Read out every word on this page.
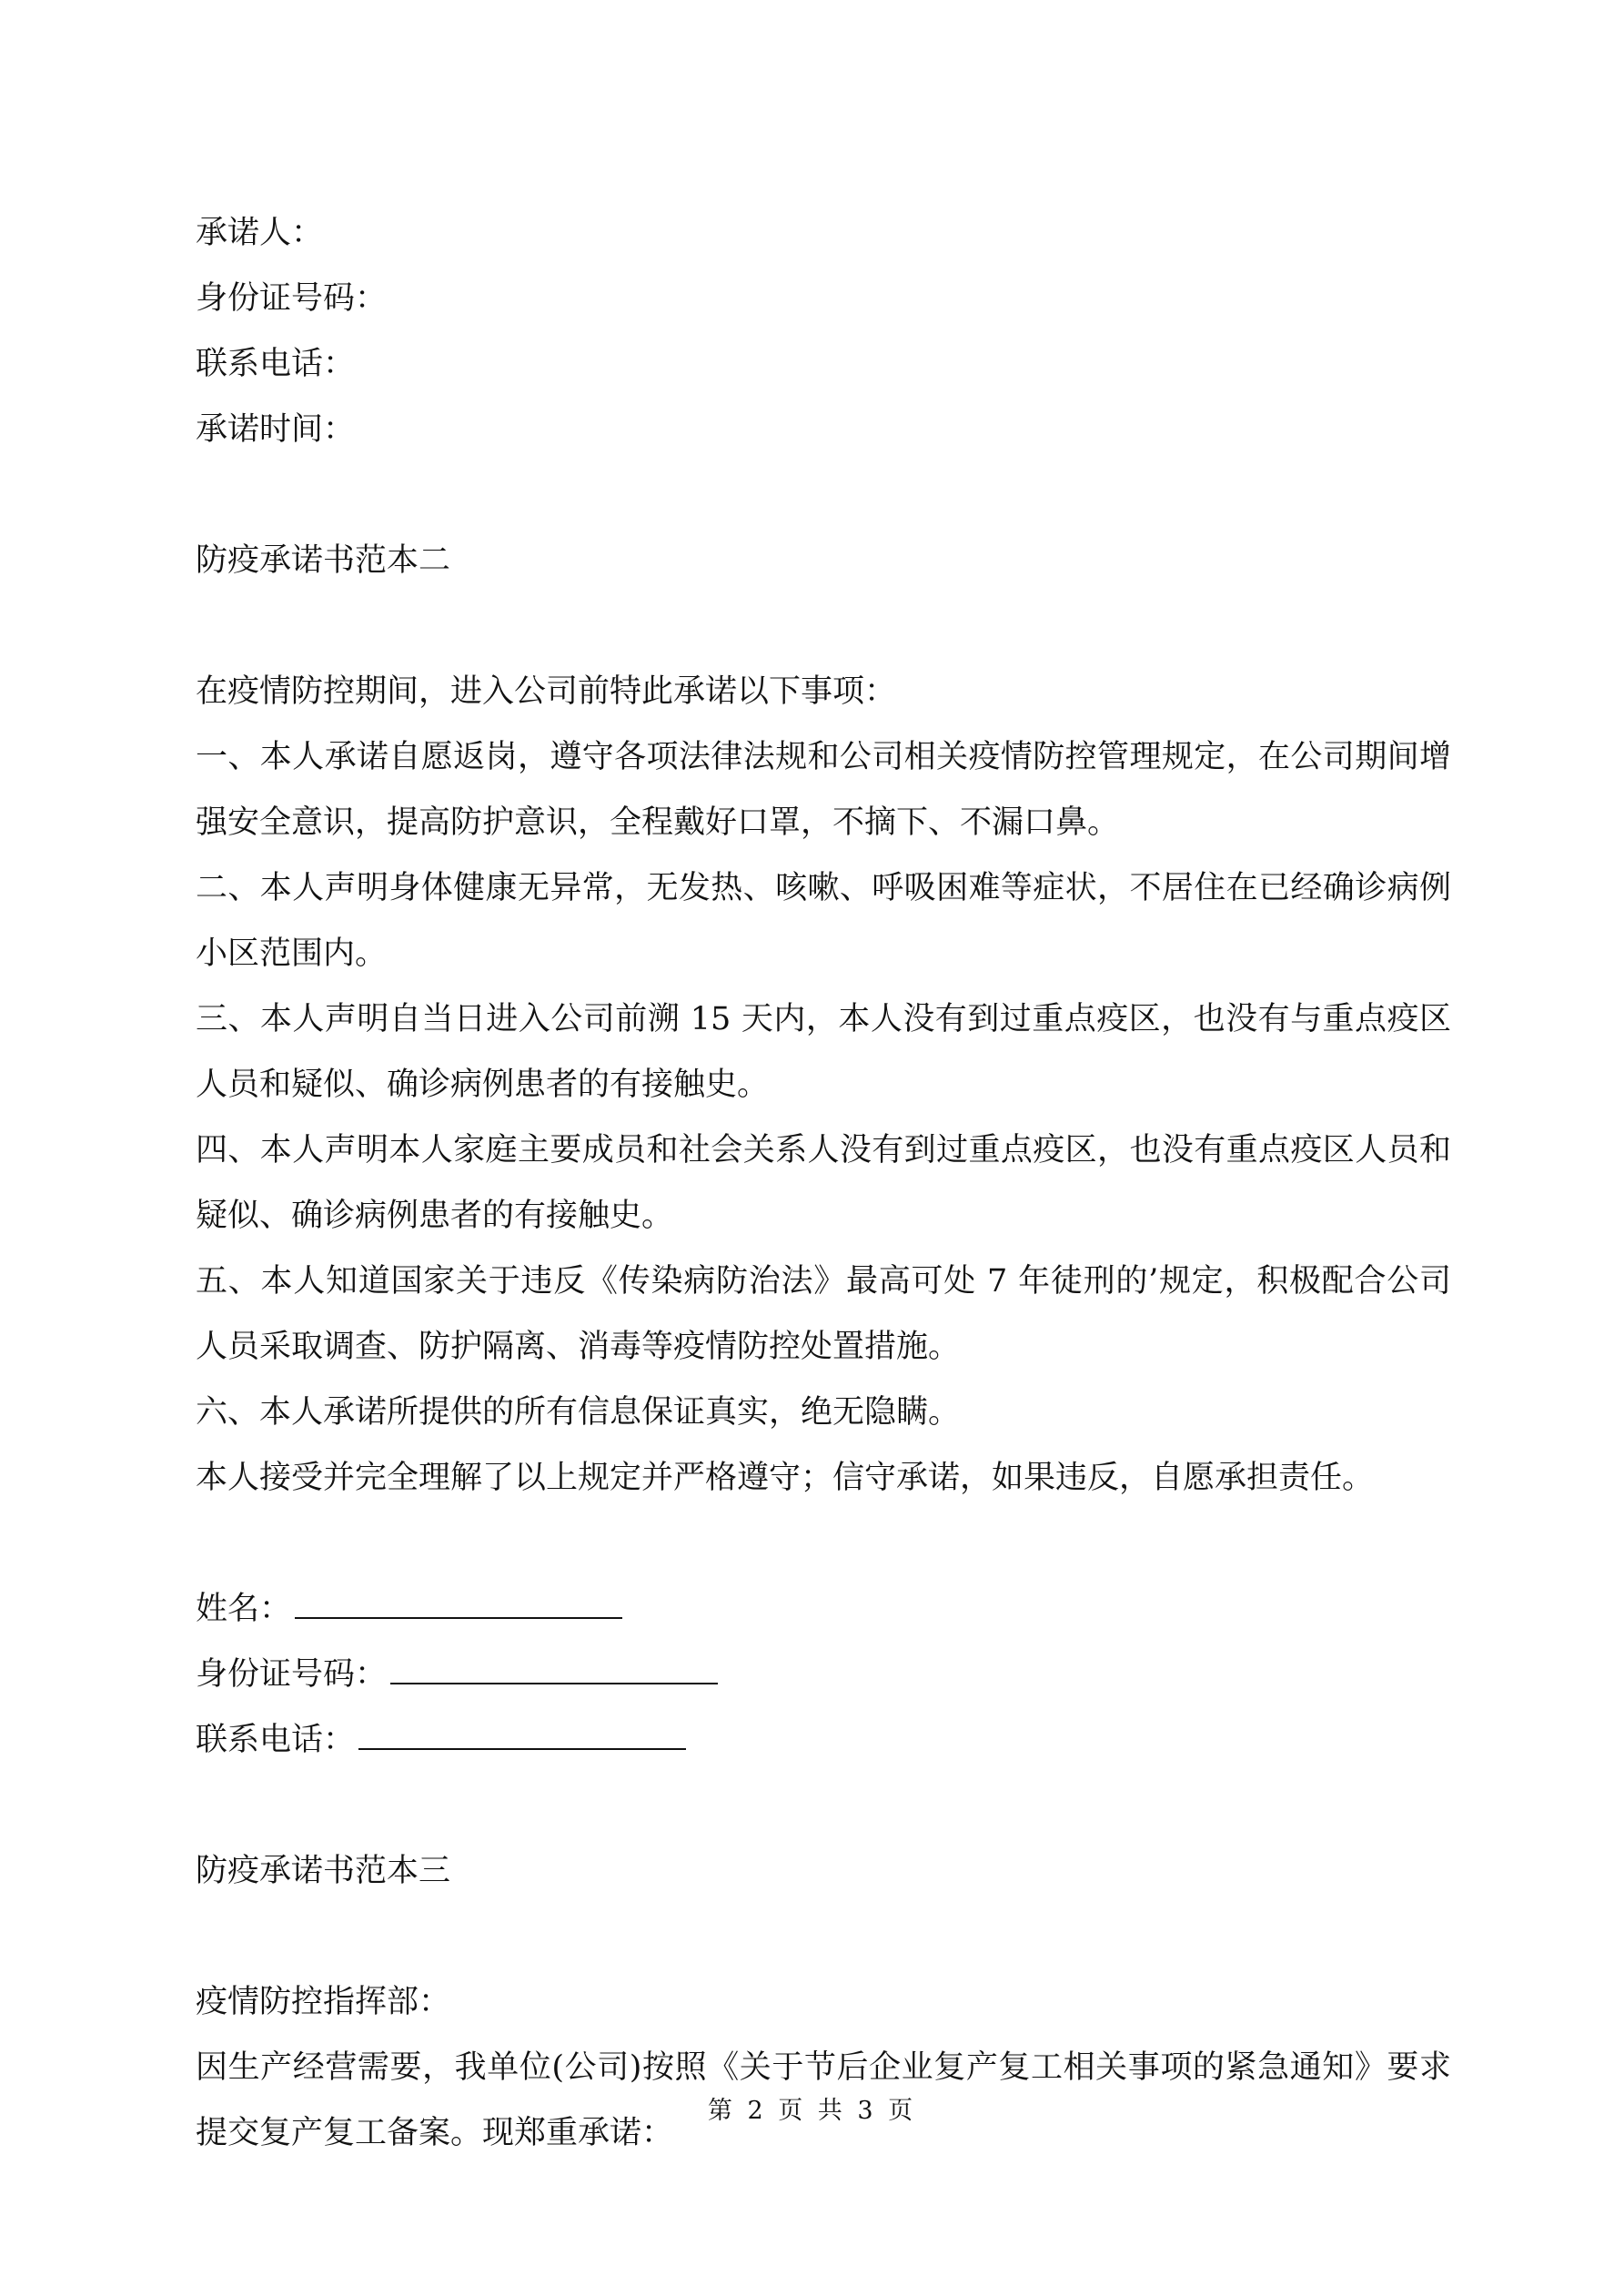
承诺人：
身份证号码：
联系电话：
承诺时间：
防疫承诺书范本二
在疫情防控期间，进入公司前特此承诺以下事项：
一、本人承诺自愿返岗，遵守各项法律法规和公司相关疫情防控管理规定，在公司期间增强安全意识，提高防护意识，全程戴好口罩，不摘下、不漏口鼻。
二、本人声明身体健康无异常，无发热、咳嗽、呼吸困难等症状，不居住在已经确诊病例小区范围内。
三、本人声明自当日进入公司前溯 15 天内，本人没有到过重点疫区，也没有与重点疫区人员和疑似、确诊病例患者的有接触史。
四、本人声明本人家庭主要成员和社会关系人没有到过重点疫区，也没有重点疫区人员和疑似、确诊病例患者的有接触史。
五、本人知道国家关于违反《传染病防治法》最高可处 7 年徒刑的’规定，积极配合公司人员采取调查、防护隔离、消毒等疫情防控处置措施。
六、本人承诺所提供的所有信息保证真实，绝无隐瞒。
本人接受并完全理解了以上规定并严格遵守；信守承诺，如果违反，自愿承担责任。
姓名：
身份证号码：
联系电话：
防疫承诺书范本三
疫情防控指挥部：
因生产经营需要，我单位(公司)按照《关于节后企业复产复工相关事项的紧急通知》要求提交复产复工备案。现郑重承诺：
第 2 页 共 3 页
